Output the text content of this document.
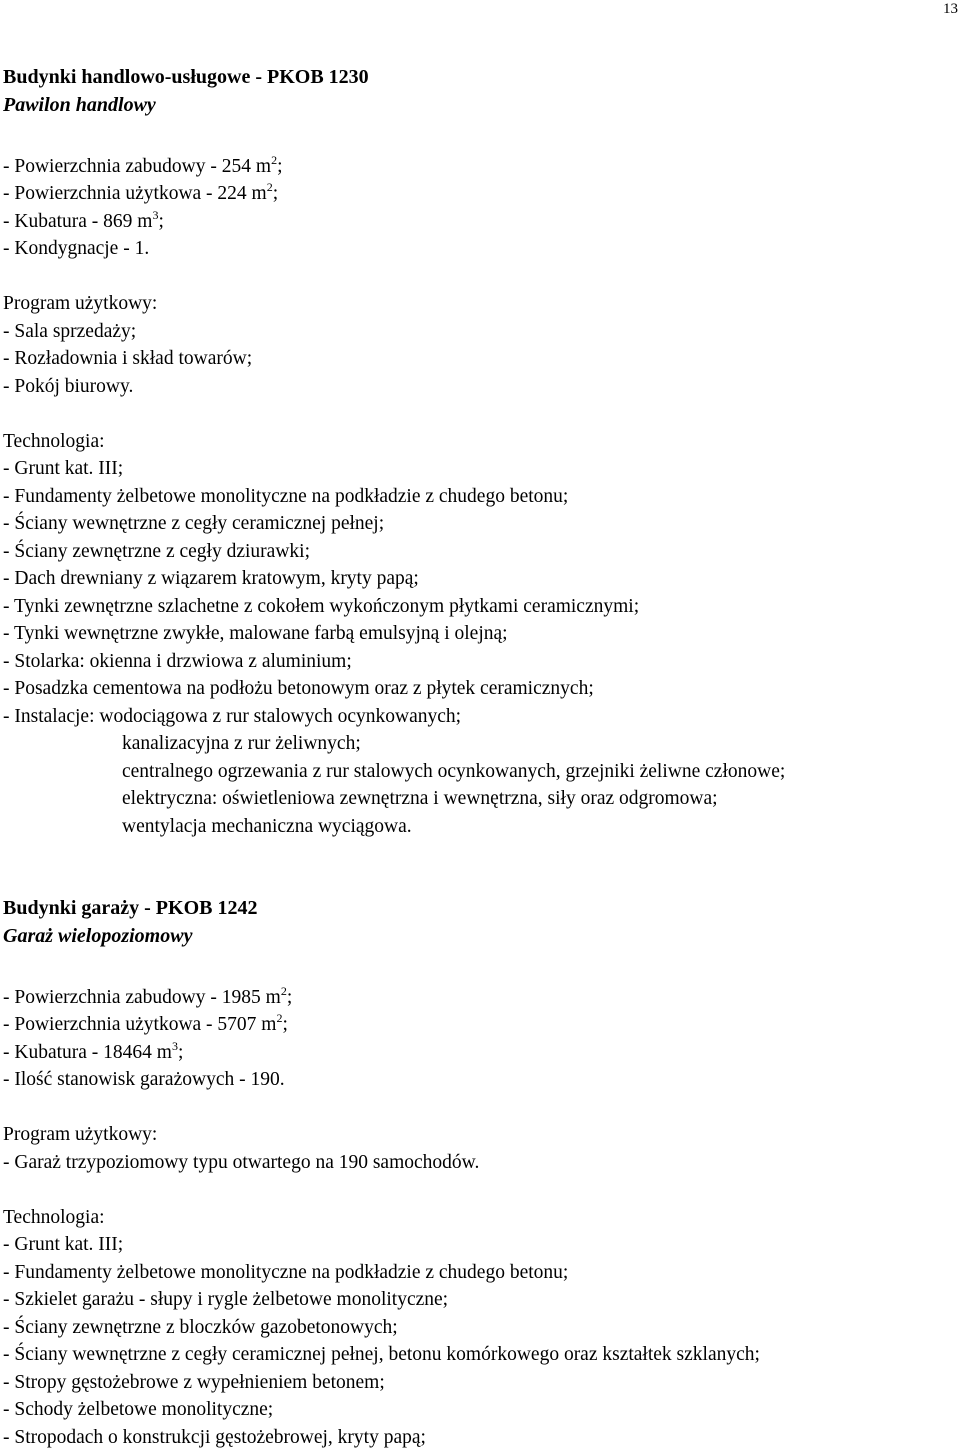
13
Budynki handlowo-usługowe - PKOB 1230
Pawilon handlowy
- Powierzchnia zabudowy - 254 $m^2$;
- Powierzchnia użytkowa - 224 $m^2$;
- Kubatura - 869 $m^3$;
- Kondygnacje - 1.
Program użytkowy:
- Sala sprzedaży;
- Rozładownia i skład towarów;
- Pokój biurowy.
Technologia:
- Grunt kat. III;
- Fundamenty żelbetowe monolityczne na podkładzie z chudego betonu;
- Ściany wewnętrzne z cegły ceramicznej pełnej;
- Ściany zewnętrzne z cegły dziurawki;
- Dach drewniany z wiązarem kratowym, kryty papą;
- Tynki zewnętrzne szlachetne z cokołem wykończonym płytkami ceramicznymi;
- Tynki wewnętrzne zwykłe, malowane farbą emulsyjną i olejną;
- Stolarka: okienna i drzwiowa z aluminium;
- Posadzka cementowa na podłożu betonowym oraz z płytek ceramicznych;
- Instalacje: wodociągowa z rur stalowych ocynkowanych;
kanalizacyjna z rur żeliwnych;
centralnego ogrzewania z rur stalowych ocynkowanych, grzejniki żeliwne członowe;
elektryczna: oświetleniowa zewnętrzna i wewnętrzna, siły oraz odgromowa;
wentylacja mechaniczna wyciągowa.
Budynki garaży - PKOB 1242
Garaż wielopoziomowy
- Powierzchnia zabudowy - 1985 $m^2$;
- Powierzchnia użytkowa - 5707 $m^2$;
- Kubatura - 18464 $m^3$;
- Ilość stanowisk garażowych - 190.
Program użytkowy:
- Garaż trzypoziomowy typu otwartego na 190 samochodów.
Technologia:
- Grunt kat. III;
- Fundamenty żelbetowe monolityczne na podkładzie z chudego betonu;
- Szkielet garażu - słupy i rygle żelbetowe monolityczne;
- Ściany zewnętrzne z bloczków gazobetonowych;
- Ściany wewnętrzne z cegły ceramicznej pełnej, betonu komórkowego oraz kształtek szklanych;
- Stropy gęstożebrowe z wypełnieniem betonem;
- Schody żelbetowe monolityczne;
- Stropodach o konstrukcji gęstożebrowej, kryty papą;
